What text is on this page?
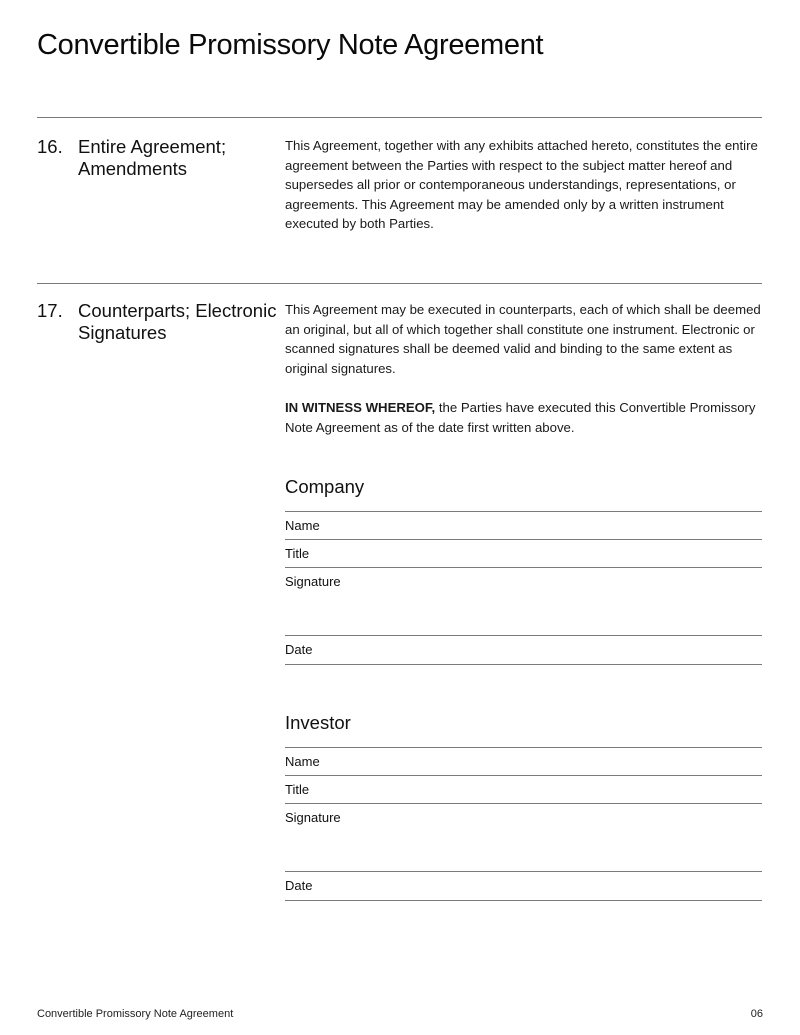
Convertible Promissory Note Agreement
16. Entire Agreement; Amendments

This Agreement, together with any exhibits attached hereto, constitutes the entire agreement between the Parties with respect to the subject matter hereof and supersedes all prior or contemporaneous understandings, representations, or agreements. This Agreement may be amended only by a written instrument executed by both Parties.

17. Counterparts; Electronic Signatures

This Agreement may be executed in counterparts, each of which shall be deemed an original, but all of which together shall constitute one instrument. Electronic or scanned signatures shall be deemed valid and binding to the same extent as original signatures.

IN WITNESS WHEREOF, the Parties have executed this Convertible Promissory Note Agreement as of the date first written above.

Company
Name
Title
Signature
Date
Investor
Name
Title
Signature
Date
Convertible Promissory Note Agreement	06
